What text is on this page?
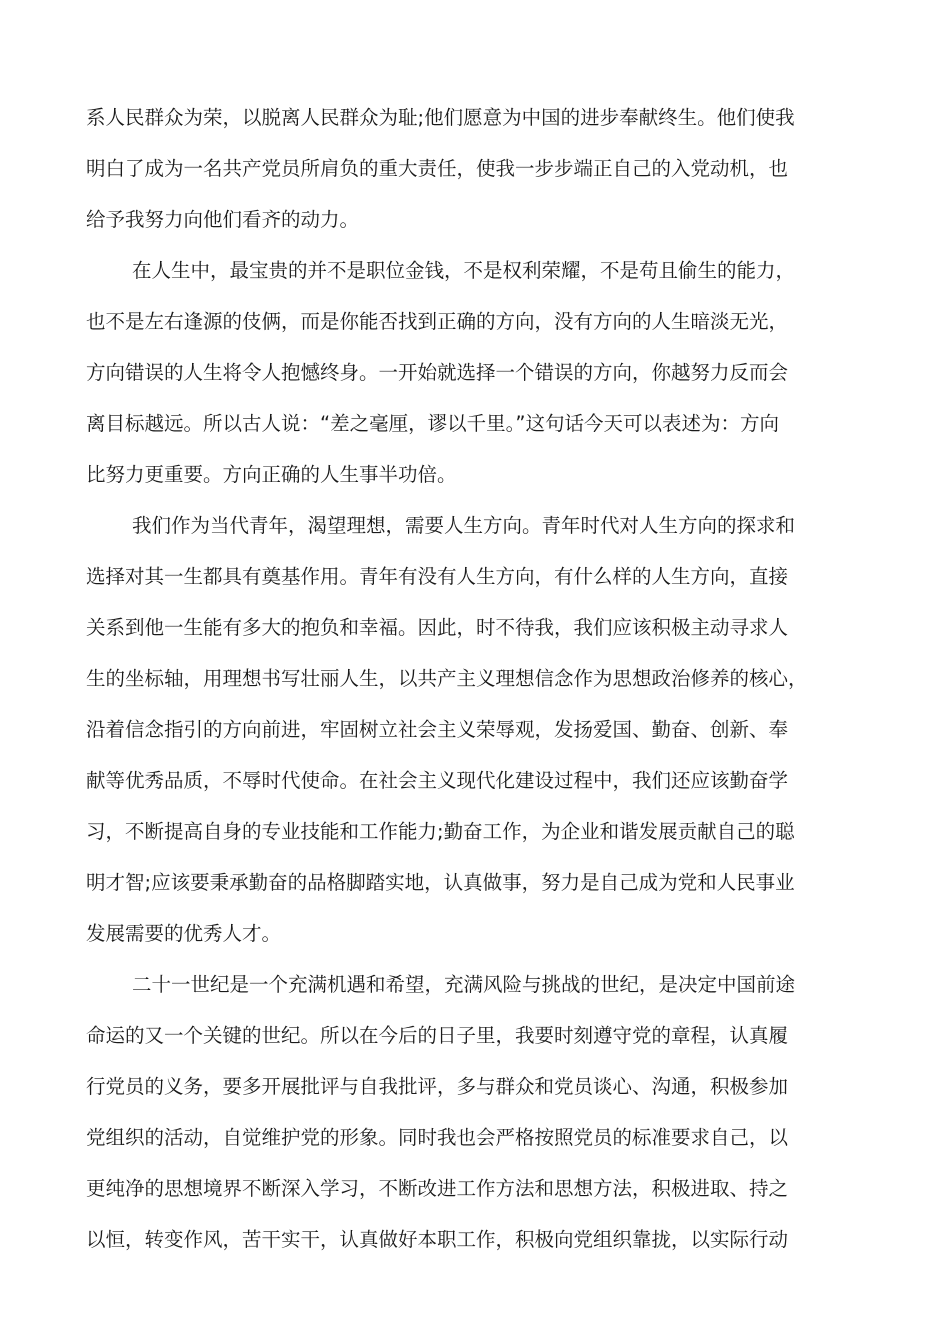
系人民群众为荣，以脱离人民群众为耻;他们愿意为中国的进步奉献终生。他们使我
明白了成为一名共产党员所肩负的重大责任，使我一步步端正自己的入党动机，也
给予我努力向他们看齐的动力。
在人生中，最宝贵的并不是职位金钱，不是权利荣耀，不是苟且偷生的能力，
也不是左右逢源的伎俩，而是你能否找到正确的方向，没有方向的人生暗淡无光，
方向错误的人生将令人抱憾终身。一开始就选择一个错误的方向，你越努力反而会
离目标越远。所以古人说：“差之毫厘，谬以千里。”这句话今天可以表述为：方向
比努力更重要。方向正确的人生事半功倍。
我们作为当代青年，渴望理想，需要人生方向。青年时代对人生方向的探求和
选择对其一生都具有奠基作用。青年有没有人生方向，有什么样的人生方向，直接
关系到他一生能有多大的抱负和幸福。因此，时不待我，我们应该积极主动寻求人
生的坐标轴，用理想书写壮丽人生，以共产主义理想信念作为思想政治修养的核心，
沿着信念指引的方向前进，牢固树立社会主义荣辱观，发扬爱国、勤奋、创新、奉
献等优秀品质，不辱时代使命。在社会主义现代化建设过程中，我们还应该勤奋学
习，不断提高自身的专业技能和工作能力;勤奋工作，为企业和谐发展贡献自己的聪
明才智;应该要秉承勤奋的品格脚踏实地，认真做事，努力是自己成为党和人民事业
发展需要的优秀人才。
二十一世纪是一个充满机遇和希望，充满风险与挑战的世纪，是决定中国前途
命运的又一个关键的世纪。所以在今后的日子里，我要时刻遵守党的章程，认真履
行党员的义务，要多开展批评与自我批评，多与群众和党员谈心、沟通，积极参加
党组织的活动，自觉维护党的形象。同时我也会严格按照党员的标准要求自己，以
更纯净的思想境界不断深入学习，不断改进工作方法和思想方法，积极进取、持之
以恒，转变作风，苦干实干，认真做好本职工作，积极向党组织靠拢，以实际行动
